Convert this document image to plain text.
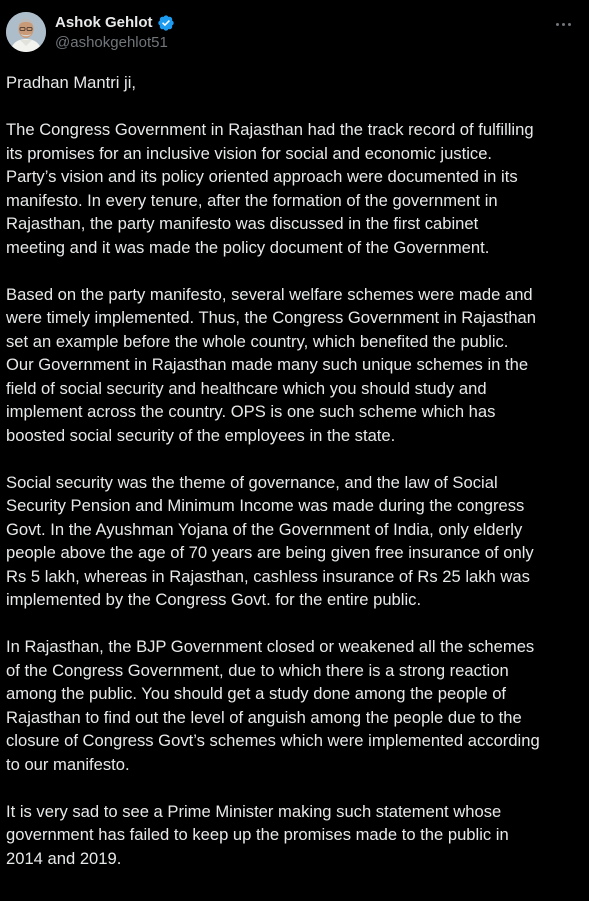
Ashok Gehlot
@ashokgehlot51

Pradhan Mantri ji,

The Congress Government in Rajasthan had the track record of fulfilling
its promises for an inclusive vision for social and economic justice.
Party’s vision and its policy oriented approach were documented in its
manifesto. In every tenure, after the formation of the government in
Rajasthan, the party manifesto was discussed in the first cabinet
meeting and it was made the policy document of the Government.

Based on the party manifesto, several welfare schemes were made and
were timely implemented. Thus, the Congress Government in Rajasthan
set an example before the whole country, which benefited the public.
Our Government in Rajasthan made many such unique schemes in the
field of social security and healthcare which you should study and
implement across the country. OPS is one such scheme which has
boosted social security of the employees in the state.

Social security was the theme of governance, and the law of Social
Security Pension and Minimum Income was made during the congress
Govt. In the Ayushman Yojana of the Government of India, only elderly
people above the age of 70 years are being given free insurance of only
Rs 5 lakh, whereas in Rajasthan, cashless insurance of Rs 25 lakh was
implemented by the Congress Govt. for the entire public.

In Rajasthan, the BJP Government closed or weakened all the schemes
of the Congress Government, due to which there is a strong reaction
among the public. You should get a study done among the people of
Rajasthan to find out the level of anguish among the people due to the
closure of Congress Govt’s schemes which were implemented according
to our manifesto.

It is very sad to see a Prime Minister making such statement whose
government has failed to keep up the promises made to the public in
2014 and 2019.
